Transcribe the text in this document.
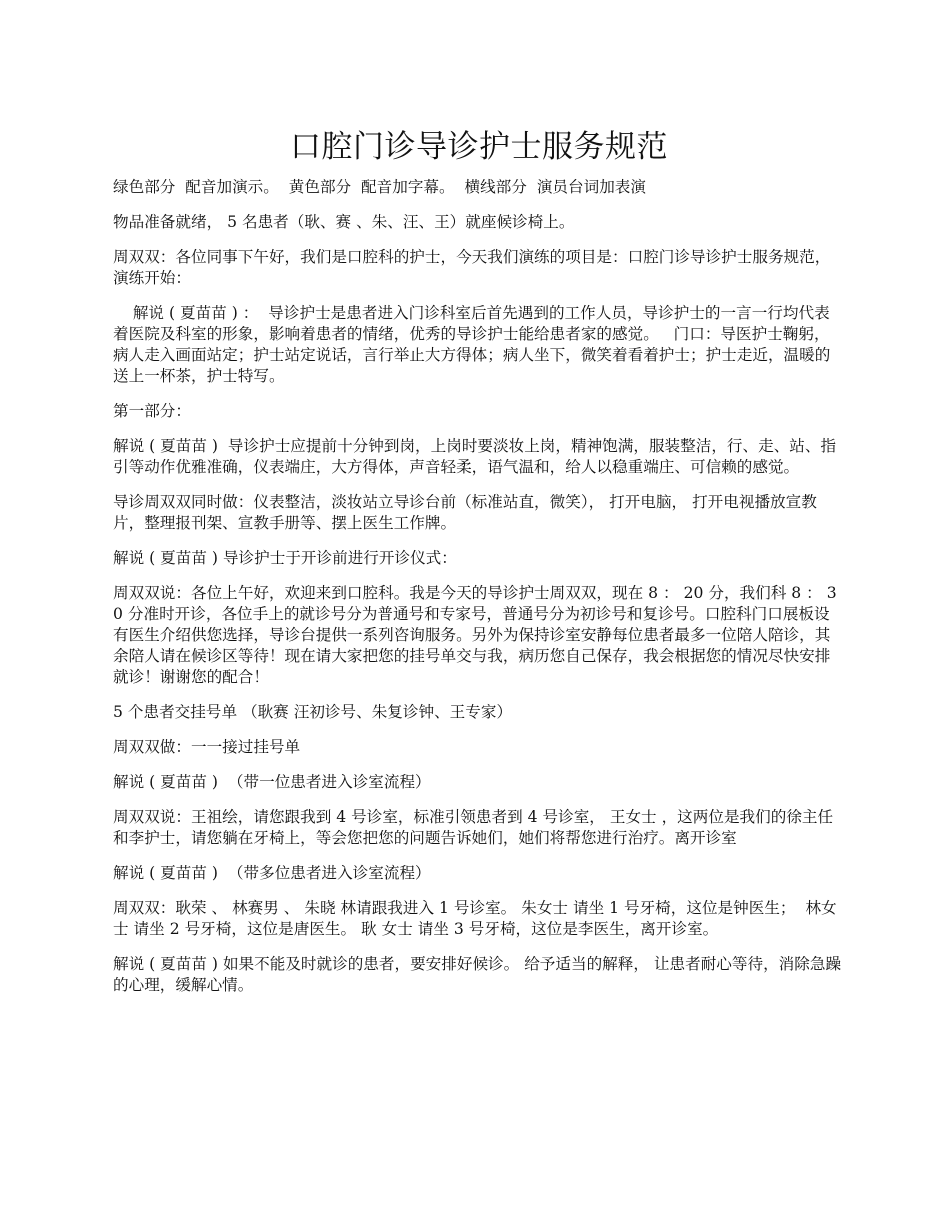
口腔门诊导诊护士服务规范

绿色部分  配音加演示。  黄色部分  配音加字幕。  横线部分  演员台词加表演

物品准备就绪， 5 名患者（耿、赛 、朱、汪、王）就座候诊椅上。

周双双：各位同事下午好，我们是口腔科的护士，今天我们演练的项目是：口腔门诊导诊护士服务规范，演练开始：

解说 ( 夏苗苗 ) ：  导诊护士是患者进入门诊科室后首先遇到的工作人员，导诊护士的一言一行均代表着医院及科室的形象，影响着患者的情绪，优秀的导诊护士能给患者家的感觉。   门口：导医护士鞠躬，病人走入画面站定；护士站定说话，言行举止大方得体；病人坐下，微笑着看着护士；护士走近，温暖的送上一杯茶，护士特写。

第一部分：

解说 ( 夏苗苗 )  导诊护士应提前十分钟到岗，上岗时要淡妆上岗，精神饱满，服装整洁，行、走、站、指引等动作优雅准确，仪表端庄，大方得体，声音轻柔，语气温和，给人以稳重端庄、可信赖的感觉。

导诊周双双同时做：仪表整洁，淡妆站立导诊台前（标准站直，微笑）， 打开电脑， 打开电视播放宣教片，整理报刊架、宣教手册等、摆上医生工作牌。

解说 ( 夏苗苗 ) 导诊护士于开诊前进行开诊仪式：

周双双说：各位上午好，欢迎来到口腔科。我是今天的导诊护士周双双，现在 8 ： 20 分，我们科 8 ： 30 分准时开诊，各位手上的就诊号分为普通号和专家号，普通号分为初诊号和复诊号。口腔科门口展板设有医生介绍供您选择，导诊台提供一系列咨询服务。另外为保持诊室安静每位患者最多一位陪人陪诊，其余陪人请在候诊区等待！现在请大家把您的挂号单交与我，病历您自己保存，我会根据您的情况尽快安排就诊！谢谢您的配合！

5 个患者交挂号单 （耿赛 汪初诊号、朱复诊钟、王专家）

周双双做：一一接过挂号单

解说 ( 夏苗苗 )  （带一位患者进入诊室流程）

周双双说：王祖绘，请您跟我到 4 号诊室，标准引领患者到 4 号诊室， 王女士 ，这两位是我们的徐主任和李护士，请您躺在牙椅上，等会您把您的问题告诉她们，她们将帮您进行治疗。离开诊室

解说 ( 夏苗苗 )  （带多位患者进入诊室流程）

周双双：耿荣 、 林赛男 、 朱晓 林请跟我进入 1 号诊室。 朱女士 请坐 1 号牙椅，这位是钟医生；  林女士 请坐 2 号牙椅，这位是唐医生。 耿 女士 请坐 3 号牙椅，这位是李医生，离开诊室。

解说 ( 夏苗苗 ) 如果不能及时就诊的患者，要安排好候诊。 给予适当的解释， 让患者耐心等待，消除急躁的心理，缓解心情。
